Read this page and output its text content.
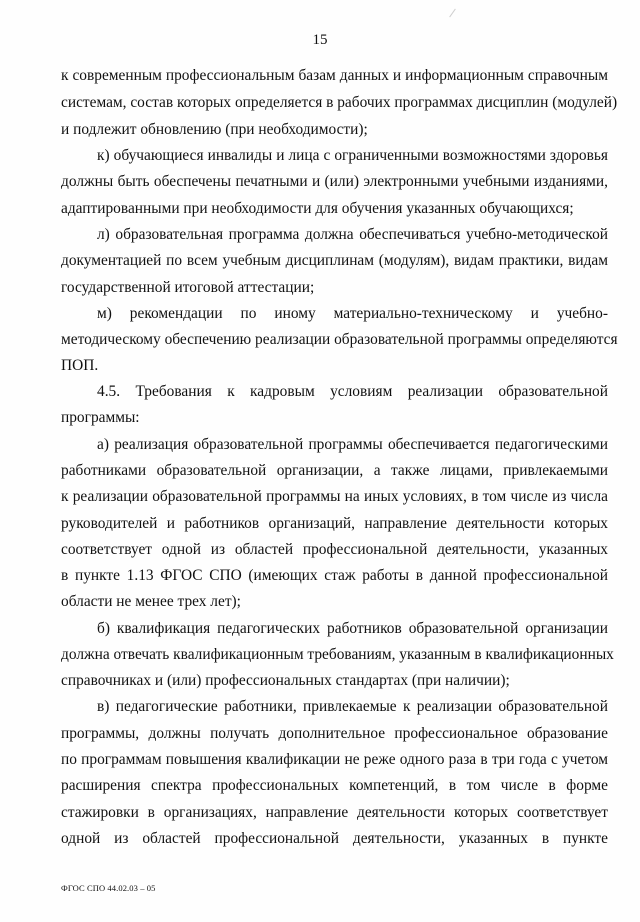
15
к современным профессиональным базам данных и информационным справочным
системам, состав которых определяется в рабочих программах дисциплин (модулей)
и подлежит обновлению (при необходимости);
к) обучающиеся инвалиды и лица с ограниченными возможностями здоровья
должны быть обеспечены печатными и (или) электронными учебными изданиями,
адаптированными при необходимости для обучения указанных обучающихся;
л) образовательная программа должна обеспечиваться учебно-методической
документацией по всем учебным дисциплинам (модулям), видам практики, видам
государственной итоговой аттестации;
м) рекомендации по иному материально-техническому и учебно-
методическому обеспечению реализации образовательной программы определяются
ПОП.
4.5. Требования к кадровым условиям реализации образовательной
программы:
а) реализация образовательной программы обеспечивается педагогическими
работниками образовательной организации, а также лицами, привлекаемыми
к реализации образовательной программы на иных условиях, в том числе из числа
руководителей и работников организаций, направление деятельности которых
соответствует одной из областей профессиональной деятельности, указанных
в пункте 1.13 ФГОС СПО (имеющих стаж работы в данной профессиональной
области не менее трех лет);
б) квалификация педагогических работников образовательной организации
должна отвечать квалификационным требованиям, указанным в квалификационных
справочниках и (или) профессиональных стандартах (при наличии);
в) педагогические работники, привлекаемые к реализации образовательной
программы, должны получать дополнительное профессиональное образование
по программам повышения квалификации не реже одного раза в три года с учетом
расширения спектра профессиональных компетенций, в том числе в форме
стажировки в организациях, направление деятельности которых соответствует
одной из областей профессиональной деятельности, указанных в пункте
ФГОС СПО 44.02.03 – 05
